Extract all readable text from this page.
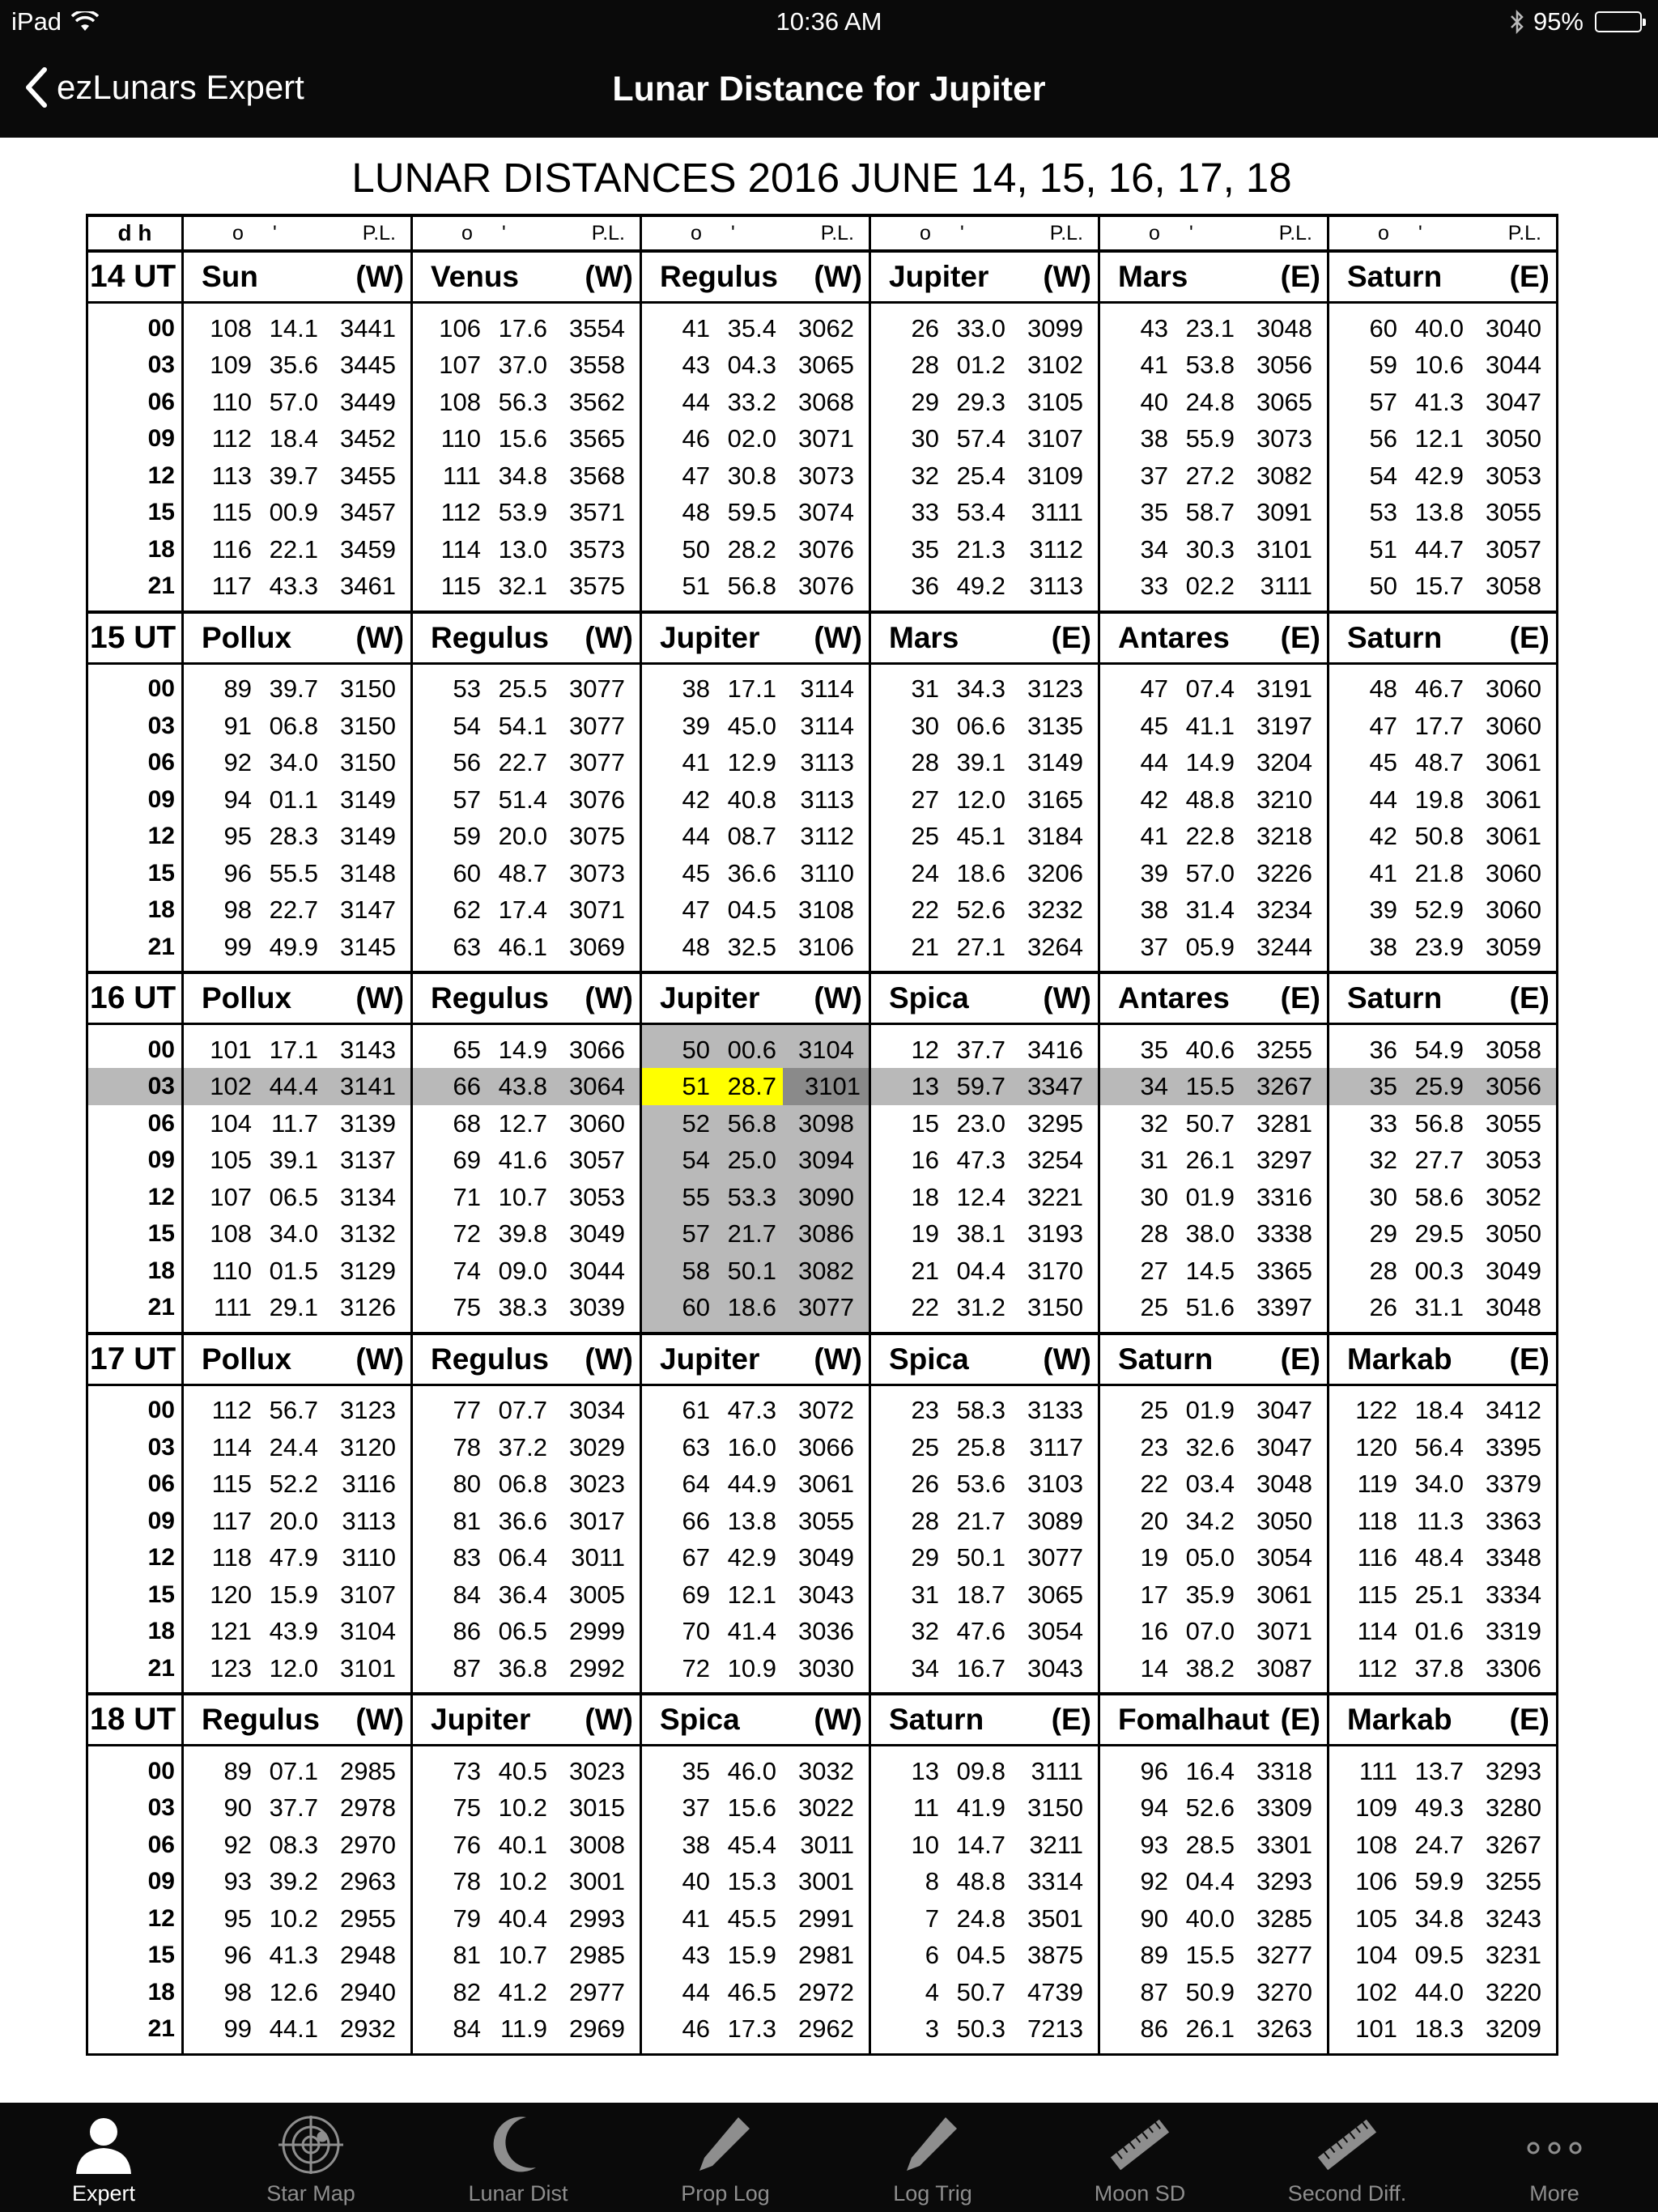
iPad	10:36 AM	95%
ezLunars Expert	Lunar Distance for Jupiter
LUNAR DISTANCES 2016 JUNE 14, 15, 16, 17, 18
d h	o ' P.L.	o ' P.L.	o ' P.L.	o ' P.L.	o ' P.L.	o ' P.L.

14 UT	Sun (W)	Venus (W)	Regulus (W)	Jupiter (W)	Mars (E)	Saturn (E)

00	108 14.1 3441	106 17.6 3554	41 35.4 3062	26 33.0 3099	43 23.1 3048	60 40.0 3040

03	109 35.6 3445	107 37.0 3558	43 04.3 3065	28 01.2 3102	41 53.8 3056	59 10.6 3044

06	110 57.0 3449	108 56.3 3562	44 33.2 3068	29 29.3 3105	40 24.8 3065	57 41.3 3047

09	112 18.4 3452	110 15.6 3565	46 02.0 3071	30 57.4 3107	38 55.9 3073	56 12.1 3050

12	113 39.7 3455	111 34.8 3568	47 30.8 3073	32 25.4 3109	37 27.2 3082	54 42.9 3053

15	115 00.9 3457	112 53.9 3571	48 59.5 3074	33 53.4 3111	35 58.7 3091	53 13.8 3055

18	116 22.1 3459	114 13.0 3573	50 28.2 3076	35 21.3 3112	34 30.3 3101	51 44.7 3057

21	117 43.3 3461	115 32.1 3575	51 56.8 3076	36 49.2 3113	33 02.2 3111	50 15.7 3058

15 UT	Pollux (W)	Regulus (W)	Jupiter (W)	Mars (E)	Antares (E)	Saturn (E)

00	89 39.7 3150	53 25.5 3077	38 17.1 3114	31 34.3 3123	47 07.4 3191	48 46.7 3060

03	91 06.8 3150	54 54.1 3077	39 45.0 3114	30 06.6 3135	45 41.1 3197	47 17.7 3060

06	92 34.0 3150	56 22.7 3077	41 12.9 3113	28 39.1 3149	44 14.9 3204	45 48.7 3061

09	94 01.1 3149	57 51.4 3076	42 40.8 3113	27 12.0 3165	42 48.8 3210	44 19.8 3061

12	95 28.3 3149	59 20.0 3075	44 08.7 3112	25 45.1 3184	41 22.8 3218	42 50.8 3061

15	96 55.5 3148	60 48.7 3073	45 36.6 3110	24 18.6 3206	39 57.0 3226	41 21.8 3060

18	98 22.7 3147	62 17.4 3071	47 04.5 3108	22 52.6 3232	38 31.4 3234	39 52.9 3060

21	99 49.9 3145	63 46.1 3069	48 32.5 3106	21 27.1 3264	37 05.9 3244	38 23.9 3059

16 UT	Pollux (W)	Regulus (W)	Jupiter (W)	Spica (W)	Antares (E)	Saturn (E)

00	101 17.1 3143	65 14.9 3066	50 00.6 3104	12 37.7 3416	35 40.6 3255	36 54.9 3058

03	102 44.4 3141	66 43.8 3064	51 28.7 3101	13 59.7 3347	34 15.5 3267	35 25.9 3056

06	104 11.7 3139	68 12.7 3060	52 56.8 3098	15 23.0 3295	32 50.7 3281	33 56.8 3055

09	105 39.1 3137	69 41.6 3057	54 25.0 3094	16 47.3 3254	31 26.1 3297	32 27.7 3053

12	107 06.5 3134	71 10.7 3053	55 53.3 3090	18 12.4 3221	30 01.9 3316	30 58.6 3052

15	108 34.0 3132	72 39.8 3049	57 21.7 3086	19 38.1 3193	28 38.0 3338	29 29.5 3050

18	110 01.5 3129	74 09.0 3044	58 50.1 3082	21 04.4 3170	27 14.5 3365	28 00.3 3049

21	111 29.1 3126	75 38.3 3039	60 18.6 3077	22 31.2 3150	25 51.6 3397	26 31.1 3048

17 UT	Pollux (W)	Regulus (W)	Jupiter (W)	Spica (W)	Saturn (E)	Markab (E)

00	112 56.7 3123	77 07.7 3034	61 47.3 3072	23 58.3 3133	25 01.9 3047	122 18.4 3412

03	114 24.4 3120	78 37.2 3029	63 16.0 3066	25 25.8 3117	23 32.6 3047	120 56.4 3395

06	115 52.2 3116	80 06.8 3023	64 44.9 3061	26 53.6 3103	22 03.4 3048	119 34.0 3379

09	117 20.0 3113	81 36.6 3017	66 13.8 3055	28 21.7 3089	20 34.2 3050	118 11.3 3363

12	118 47.9 3110	83 06.4 3011	67 42.9 3049	29 50.1 3077	19 05.0 3054	116 48.4 3348

15	120 15.9 3107	84 36.4 3005	69 12.1 3043	31 18.7 3065	17 35.9 3061	115 25.1 3334

18	121 43.9 3104	86 06.5 2999	70 41.4 3036	32 47.6 3054	16 07.0 3071	114 01.6 3319

21	123 12.0 3101	87 36.8 2992	72 10.9 3030	34 16.7 3043	14 38.2 3087	112 37.8 3306

18 UT	Regulus (W)	Jupiter (W)	Spica (W)	Saturn (E)	Fomalhaut (E)	Markab (E)

00	89 07.1 2985	73 40.5 3023	35 46.0 3032	13 09.8 3111	96 16.4 3318	111 13.7 3293

03	90 37.7 2978	75 10.2 3015	37 15.6 3022	11 41.9 3150	94 52.6 3309	109 49.3 3280

06	92 08.3 2970	76 40.1 3008	38 45.4 3011	10 14.7 3211	93 28.5 3301	108 24.7 3267

09	93 39.2 2963	78 10.2 3001	40 15.3 3001	8 48.8 3314	92 04.4 3293	106 59.9 3255

12	95 10.2 2955	79 40.4 2993	41 45.5 2991	7 24.8 3501	90 40.0 3285	105 34.8 3243

15	96 41.3 2948	81 10.7 2985	43 15.9 2981	6 04.5 3875	89 15.5 3277	104 09.5 3231

18	98 12.6 2940	82 41.2 2977	44 46.5 2972	4 50.7 4739	87 50.9 3270	102 44.0 3220

21	99 44.1 2932	84 11.9 2969	46 17.3 2962	3 50.3 7213	86 26.1 3263	101 18.3 3209

Expert	Star Map	Lunar Dist	Prop Log	Log Trig	Moon SD	Second Diff.	More
